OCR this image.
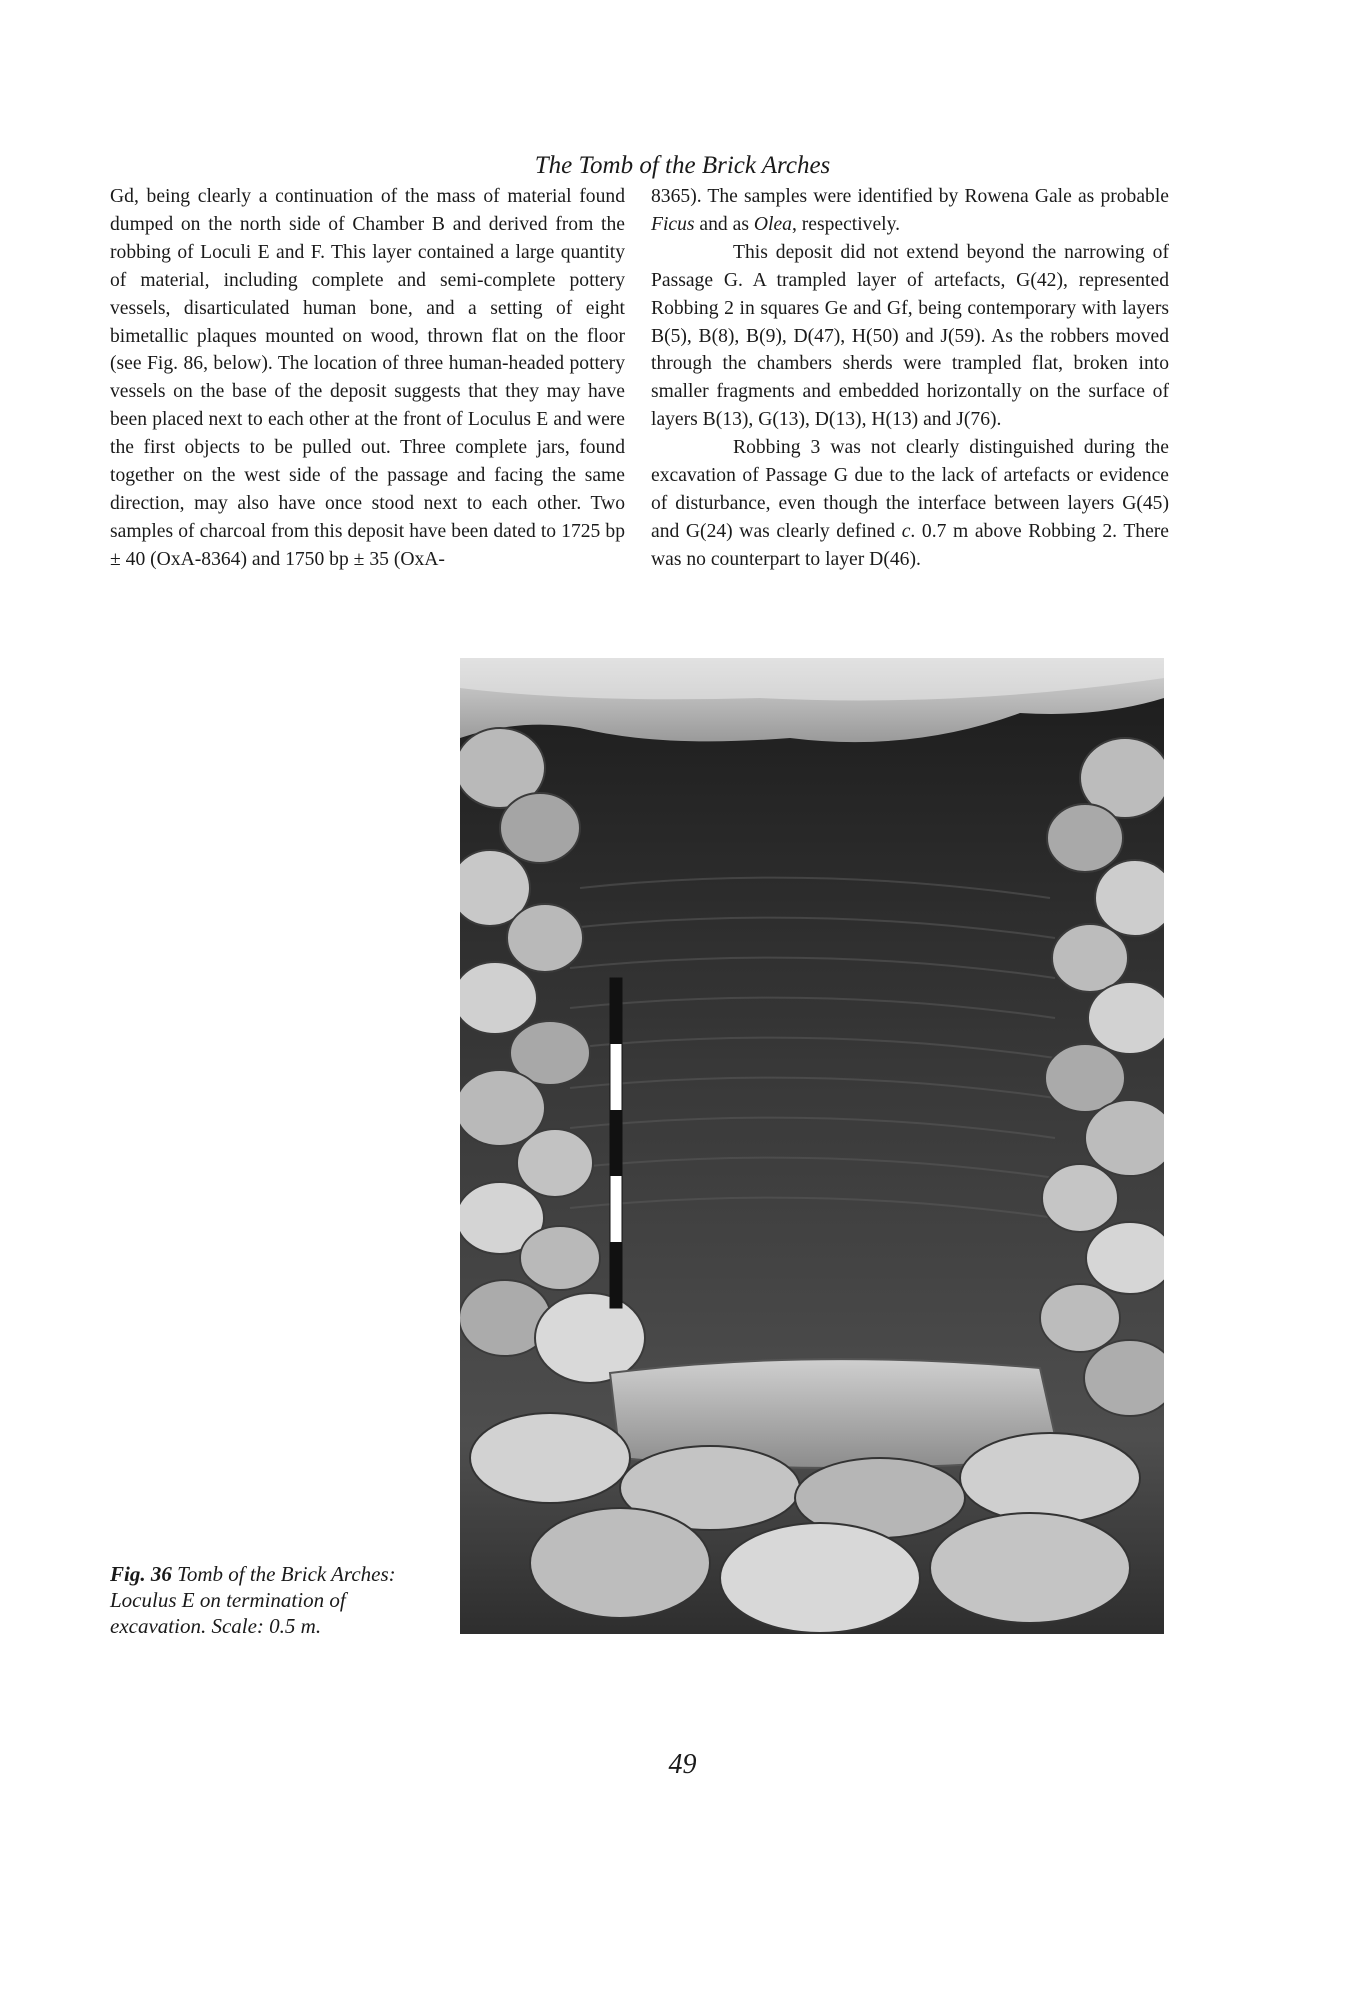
The Tomb of the Brick Arches

Gd, being clearly a continuation of the mass of material found dumped on the north side of Chamber B and derived from the robbing of Loculi E and F. This layer contained a large quantity of material, including complete and semi-complete pottery vessels, disarticulated human bone, and a setting of eight bimetallic plaques mounted on wood, thrown flat on the floor (see Fig. 86, below). The location of three human-headed pottery vessels on the base of the deposit suggests that they may have been placed next to each other at the front of Loculus E and were the first objects to be pulled out. Three complete jars, found together on the west side of the passage and facing the same direction, may also have once stood next to each other. Two samples of charcoal from this deposit have been dated to 1725 bp ± 40 (OxA-8364) and 1750 bp ± 35 (OxA-

8365). The samples were identified by Rowena Gale as probable Ficus and as Olea, respectively.

This deposit did not extend beyond the narrowing of Passage G. A trampled layer of artefacts, G(42), represented Robbing 2 in squares Ge and Gf, being contemporary with layers B(5), B(8), B(9), D(47), H(50) and J(59). As the robbers moved through the chambers sherds were trampled flat, broken into smaller fragments and embedded horizontally on the surface of layers B(13), G(13), D(13), H(13) and J(76).

Robbing 3 was not clearly distinguished during the excavation of Passage G due to the lack of artefacts or evidence of disturbance, even though the interface between layers G(45) and G(24) was clearly defined c. 0.7 m above Robbing 2. There was no counterpart to layer D(46).

Fig. 36 Tomb of the Brick Arches: Loculus E on termination of excavation. Scale: 0.5 m.
49
